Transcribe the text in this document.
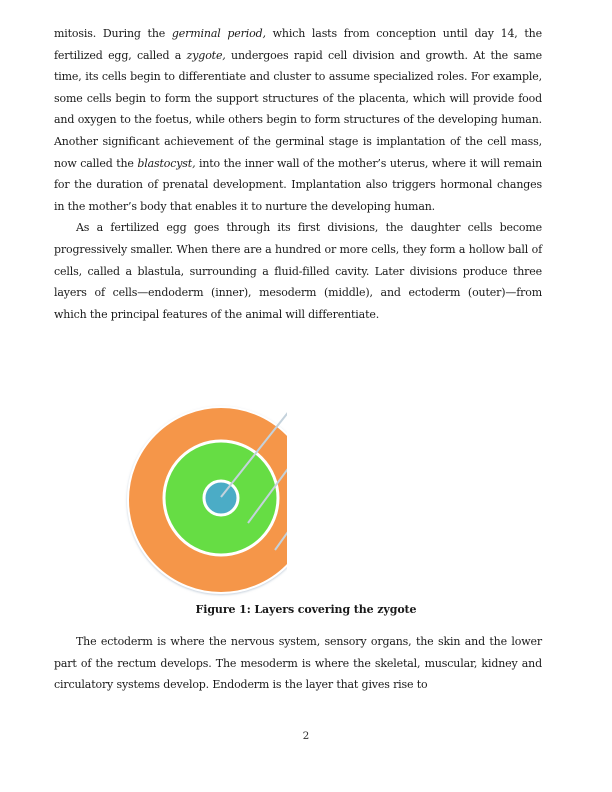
mitosis. During the germinal period, which lasts from conception until day 14, the fertilized egg, called a zygote, undergoes rapid cell division and growth. At the same time, its cells begin to differentiate and cluster to assume specialized roles. For example, some cells begin to form the support structures of the placenta, which will provide food and oxygen to the foetus, while others begin to form structures of the developing human. Another significant achievement of the germinal stage is implantation of the cell mass, now called the blastocyst, into the inner wall of the mother’s uterus, where it will remain for the duration of prenatal development. Implantation also triggers hormonal changes in the mother’s body that enables it to nurture the developing human.

As a fertilized egg goes through its first divisions, the daughter cells become progressively smaller. When there are a hundred or more cells, they form a hollow ball of cells, called a blastula, surrounding a fluid-filled cavity. Later divisions produce three layers of cells—endoderm (inner), mesoderm (middle), and ectoderm (outer)—from which the principal features of the animal will differentiate.

Figure 1: Layers covering the zygote

The ectoderm is where the nervous system, sensory organs, the skin and the lower part of the rectum develops. The mesoderm is where the skeletal, muscular, kidney and circulatory systems develop. Endoderm is the layer that gives rise to

2
